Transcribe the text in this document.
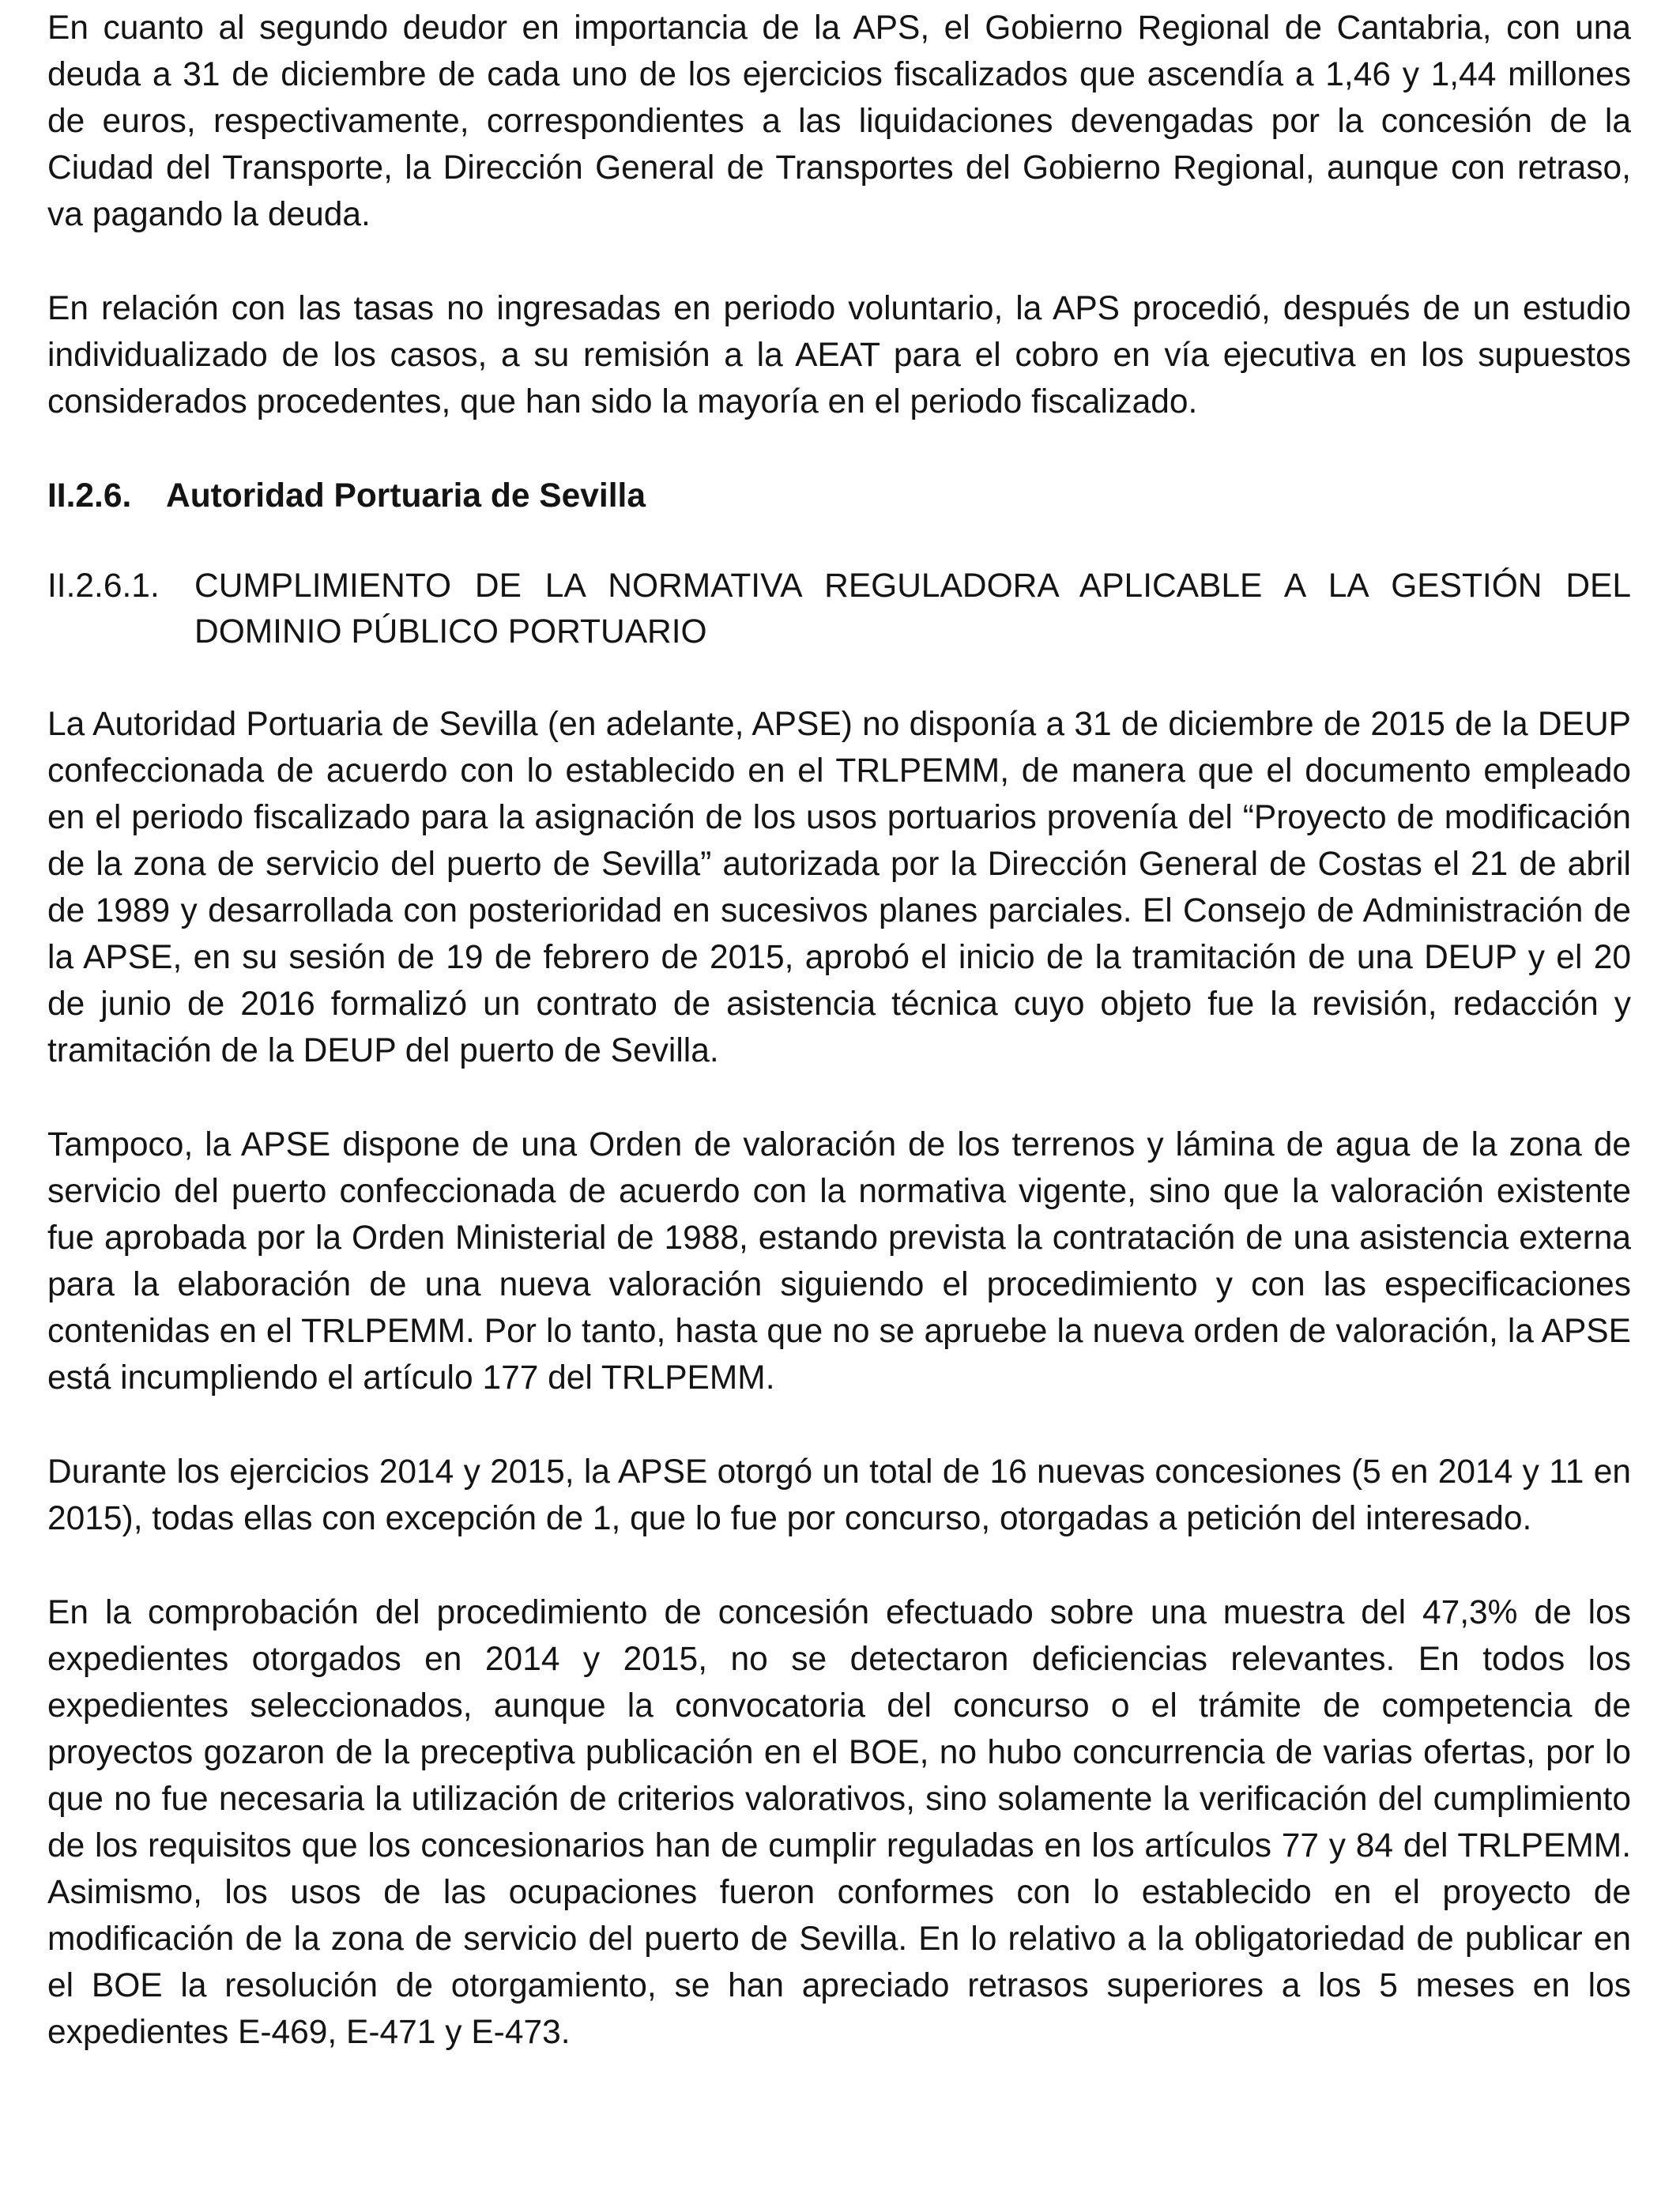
En cuanto al segundo deudor en importancia de la APS, el Gobierno Regional de Cantabria, con una deuda a 31 de diciembre de cada uno de los ejercicios fiscalizados que ascendía a 1,46 y 1,44 millones de euros, respectivamente, correspondientes a las liquidaciones devengadas por la concesión de la Ciudad del Transporte, la Dirección General de Transportes del Gobierno Regional, aunque con retraso, va pagando la deuda.

En relación con las tasas no ingresadas en periodo voluntario, la APS procedió, después de un estudio individualizado de los casos, a su remisión a la AEAT para el cobro en vía ejecutiva en los supuestos considerados procedentes, que han sido la mayoría en el periodo fiscalizado.

II.2.6. Autoridad Portuaria de Sevilla
II.2.6.1.	CUMPLIMIENTO DE LA NORMATIVA REGULADORA APLICABLE A LA GESTIÓN DEL DOMINIO PÚBLICO PORTUARIO

La Autoridad Portuaria de Sevilla (en adelante, APSE) no disponía a 31 de diciembre de 2015 de la DEUP confeccionada de acuerdo con lo establecido en el TRLPEMM, de manera que el documento empleado en el periodo fiscalizado para la asignación de los usos portuarios provenía del “Proyecto de modificación de la zona de servicio del puerto de Sevilla” autorizada por la Dirección General de Costas el 21 de abril de 1989 y desarrollada con posterioridad en sucesivos planes parciales. El Consejo de Administración de la APSE, en su sesión de 19 de febrero de 2015, aprobó el inicio de la tramitación de una DEUP y el 20 de junio de 2016 formalizó un contrato de asistencia técnica cuyo objeto fue la revisión, redacción y tramitación de la DEUP del puerto de Sevilla.

Tampoco, la APSE dispone de una Orden de valoración de los terrenos y lámina de agua de la zona de servicio del puerto confeccionada de acuerdo con la normativa vigente, sino que la valoración existente fue aprobada por la Orden Ministerial de 1988, estando prevista la contratación de una asistencia externa para la elaboración de una nueva valoración siguiendo el procedimiento y con las especificaciones contenidas en el TRLPEMM. Por lo tanto, hasta que no se apruebe la nueva orden de valoración, la APSE está incumpliendo el artículo 177 del TRLPEMM.

Durante los ejercicios 2014 y 2015, la APSE otorgó un total de 16 nuevas concesiones (5 en 2014 y 11 en 2015), todas ellas con excepción de 1, que lo fue por concurso, otorgadas a petición del interesado.

En la comprobación del procedimiento de concesión efectuado sobre una muestra del 47,3% de los expedientes otorgados en 2014 y 2015, no se detectaron deficiencias relevantes. En todos los expedientes seleccionados, aunque la convocatoria del concurso o el trámite de competencia de proyectos gozaron de la preceptiva publicación en el BOE, no hubo concurrencia de varias ofertas, por lo que no fue necesaria la utilización de criterios valorativos, sino solamente la verificación del cumplimiento de los requisitos que los concesionarios han de cumplir reguladas en los artículos 77 y 84 del TRLPEMM. Asimismo, los usos de las ocupaciones fueron conformes con lo establecido en el proyecto de modificación de la zona de servicio del puerto de Sevilla. En lo relativo a la obligatoriedad de publicar en el BOE la resolución de otorgamiento, se han apreciado retrasos superiores a los 5 meses en los expedientes E-469, E-471 y E-473.
